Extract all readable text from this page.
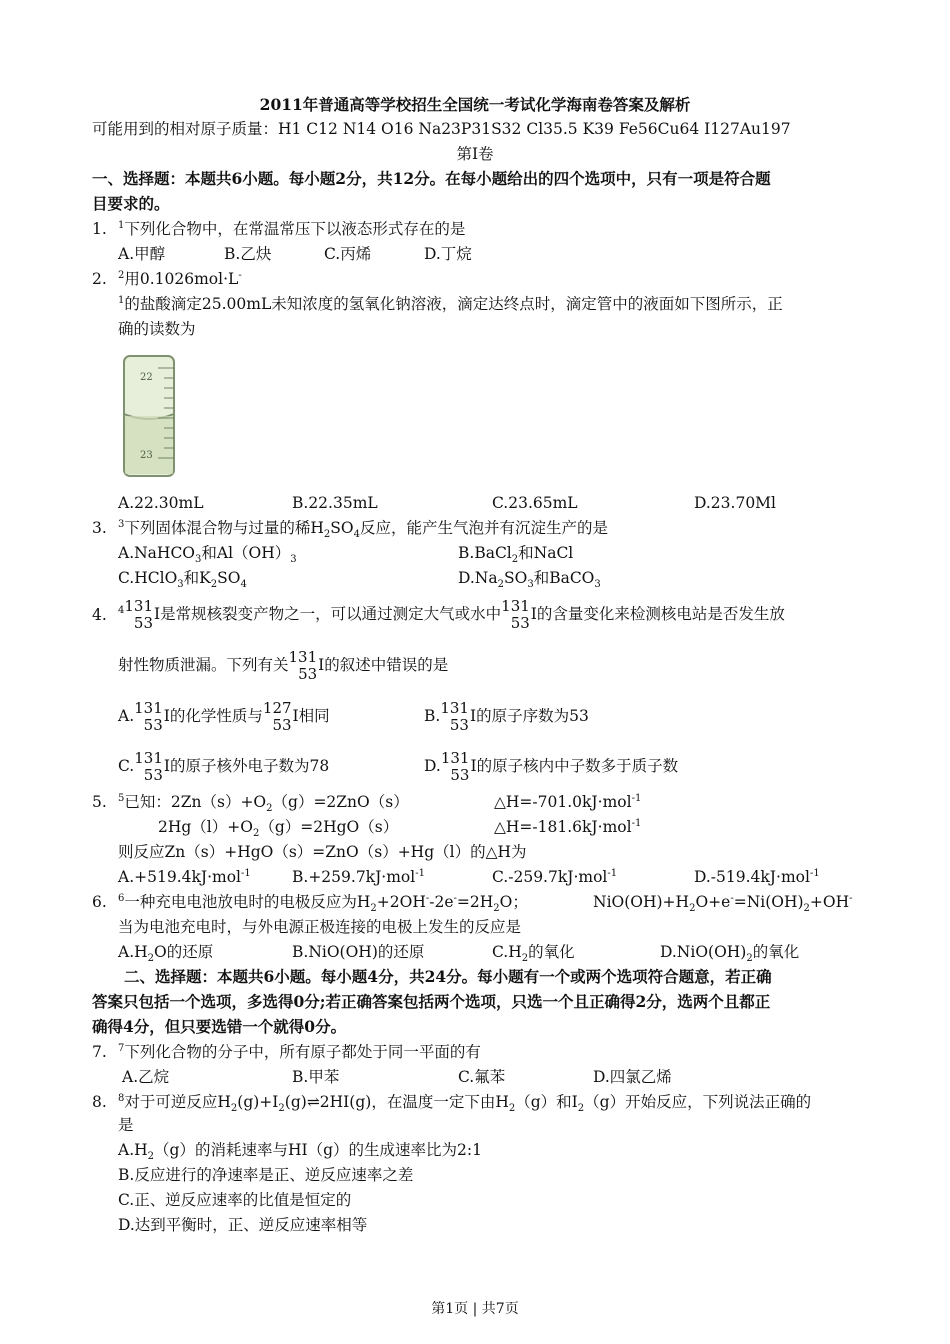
2011年普通高等学校招生全国统一考试化学海南卷答案及解析
可能用到的相对原子质量：H1 C12 N14 O16 Na23P31S32 Cl35.5 K39 Fe56Cu64 I127Au197
第I卷
一、选择题：本题共6小题。每小题2分，共12分。在每小题给出的四个选项中，只有一项是符合题
目要求的。
1. $^1$下列化合物中，在常温常压下以液态形式存在的是
A.甲醇	B.乙炔	C.丙烯	D.丁烷
2. $^2$用0.1026mol·L-
$^1$的盐酸滴定25.00mL未知浓度的氢氧化钠溶液，滴定达终点时，滴定管中的液面如下图所示，正
确的读数为
22
23
A.22.30mL	B.22.35mL	C.23.65mL	D.23.70Ml
3. $^3$下列固体混合物与过量的稀$H_2SO_4$反应，能产生气泡并有沉淀生产的是
A.NaHCO$_3$和$Al(OH)_3$	B.BaCl$_2$和NaCl
C.HClO$_3$和$K_2SO_4$	$D.Na_2SO_3$和BaCO$_3$
4. $^4$ 131
53 I是常规核裂变产物之一，可以通过测定大气或水中 131
53 I的含量变化来检测核电站是否发生放
射性物质泄漏。下列有关 131
53 I的叙述中错误的是
A. 131
53 I的化学性质与 127
53 I相同	B. 131
53 I的原子序数为53
C. 131
53 I的原子核外电子数为78	D. 131
53 I的原子核内中子数多于质子数
5. $^5$已知：$2Zn(s)+O_2(g)=2ZnO(s)$	△H=-701.0kJ·mol$^{-1}$
$2Hg(l)+O_2(g)=2HgO(s)$	△H=-181.6kJ·mol$^{-1}$
则反应Zn（s）+HgO（s）=ZnO（s）+Hg（l）的△H为
A.+519.4kJ·mol$^{-1}$	B.+259.7kJ·mol$^{-1}$	C.-259.7kJ·mol$^{-1}$	D.-519.4kJ·mol$^{-1}$
6. $^6$一种充电电池放电时的电极反应为$H_2+2OH^--2e^-=2H_2O$；	$NiO(OH)+H_2O+e^-=Ni(OH)_2+OH^-$
当为电池充电时，与外电源正极连接的电极上发生的反应是
$A.H_2O$的还原	B.NiO(OH)的还原	$C.H_2$的氧化	$D.NiO(OH)_2$的氧化
二、选择题：本题共6小题。每小题4分，共24分。每小题有一个或两个选项符合题意，若正确
答案只包括一个选项，多选得0分;若正确答案包括两个选项，只选一个且正确得2分，选两个且都正
确得4分，但只要选错一个就得0分。
7. $^7$下列化合物的分子中，所有原子都处于同一平面的有
A.乙烷	B.甲苯	C.氟苯	D.四氯乙烯
8. $^8$对于可逆反应$H_2(g)+I_2(g)\rightleftharpoons 2HI(g)$，在温度一定下由$H_2(g)$和$I_2(g)$开始反应，下列说法正确的
是
$A.H_2(g)$的消耗速率与HI（g）的生成速率比为2:1
B.反应进行的净速率是正、逆反应速率之差
C.正、逆反应速率的比值是恒定的
D.达到平衡时，正、逆反应速率相等
第1页 | 共7页
